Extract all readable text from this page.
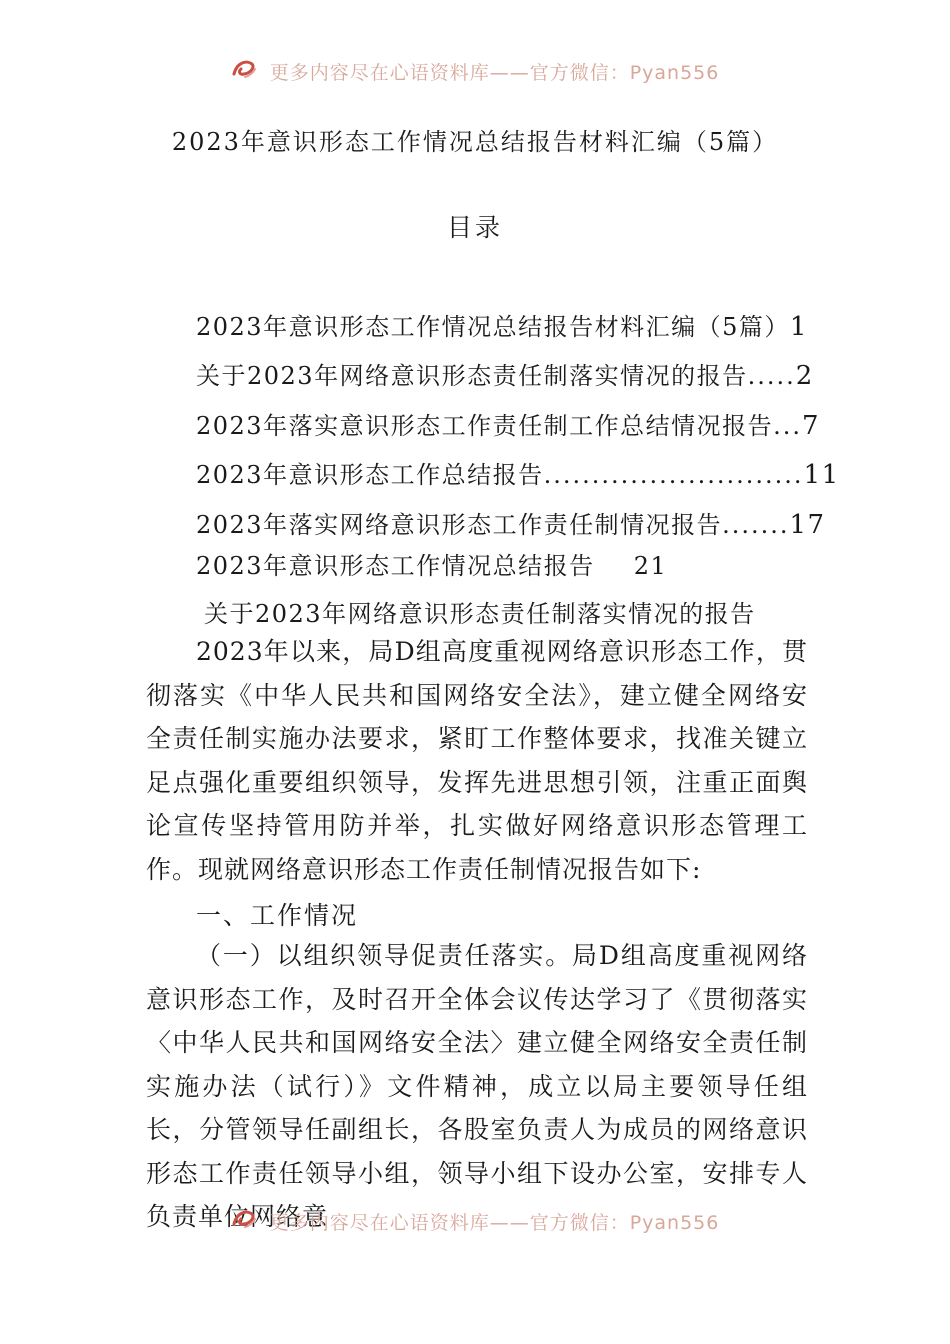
更多内容尽在心语资料库——官方微信：Pyan556
2023年意识形态工作情况总结报告材料汇编（5篇）
目录
2023年意识形态工作情况总结报告材料汇编（5篇） 1
关于2023年网络意识形态责任制落实情况的报告 ..... 2
2023年落实意识形态工作责任制工作总结情况报告 ... 7
2023年意识形态工作总结报告 ........................... 11
2023年落实网络意识形态工作责任制情况报告 ....... 17
2023年意识形态工作情况总结报告 21
关于2023年网络意识形态责任制落实情况的报告

2023年以来，局D组高度重视网络意识形态工作，贯彻落实《中华人民共和国网络安全法》，建立健全网络安全责任制实施办法要求，紧盯工作整体要求，找准关键立足点强化重要组织领导，发挥先进思想引领，注重正面舆论宣传坚持管用防并举，扎实做好网络意识形态管理工作。现就网络意识形态工作责任制情况报告如下:

一、工作情况

（一）以组织领导促责任落实。局D组高度重视网络意识形态工作，及时召开全体会议传达学习了《贯彻落实〈中华人民共和国网络安全法〉建立健全网络安全责任制实施办法（试行）》文件精神，成立以局主要领导任组长，分管领导任副组长，各股室负责人为成员的网络意识形态工作责任领导小组，领导小组下设办公室，安排专人负责单位网络意

更多内容尽在心语资料库——官方微信：Pyan556
